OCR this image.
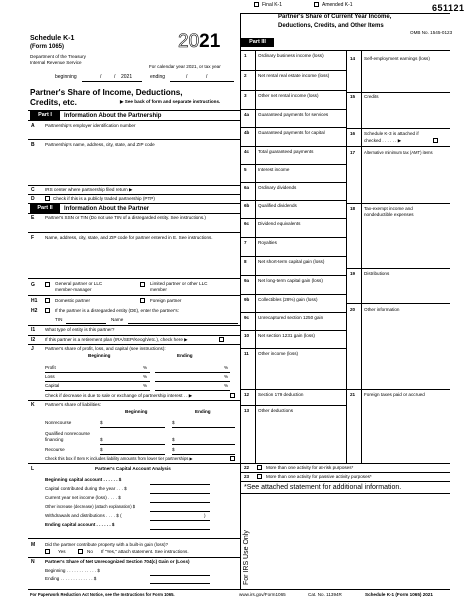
651121
Final K-1	Amended K-1
OMB No. 1545-0123
Schedule K-1
(Form 1065)
Department of the Treasury
Internal Revenue Service
2021
For calendar year 2021, or tax year
beginning	/	/ 2021	ending	/	/
Partner's Share of Income, Deductions,
Credits, etc.	▶ See back of form and separate instructions.
Part I	Information About the Partnership
A Partnership's employer identification number
B Partnership's name, address, city, state, and ZIP code
C IRS center where partnership filed return ▶
D	Check if this is a publicly traded partnership (PTP)
Part II	Information About the Partner
E Partner's SSN or TIN (Do not use TIN of a disregarded entity. See instructions.)
F Name, address, city, state, and ZIP code for partner entered in E. See instructions.
G	General partner or LLC
member-manager
Limited partner or other LLC
member
H1	Domestic partner	Foreign partner
H2	If the partner is a disregarded entity (DE), enter the partner's:
TIN	Name
I1 What type of entity is this partner?
I2 If this partner is a retirement plan (IRA/SEP/Keogh/etc.), check here ▶
J Partner's share of profit, loss, and capital (see instructions):
Beginning	Ending
Profit	%	%
Loss	%	%
Capital	%	%
Check if decrease is due to sale or exchange of partnership interest . . ▶
K Partner's share of liabilities:
Beginning	Ending
Nonrecourse	$	$
Qualified nonrecourse
financing	$	$
Recourse	$	$
Check this box if Item K includes liability amounts from lower tier partnerships ▶
L	Partner's Capital Account Analysis
Beginning capital account . . . . . . $
Capital contributed during the year . . . $
Current year net income (loss) . . . . $
Other increase (decrease) (attach explanation) $
Withdrawals and distributions . . . . $ (	)
Ending capital account . . . . . . $
M Did the partner contribute property with a built-in gain (loss)?
Yes	No If "Yes," attach statement. See instructions.
N Partner's Share of Net Unrecognized Section 704(c) Gain or (Loss)
Beginning . . . . . . . . . . . . $
Ending . . . . . . . . . . . . . $
Part III
Partner's Share of Current Year Income,
Deductions, Credits, and Other Items
1 Ordinary business income (loss)
2 Net rental real estate income (loss)
3 Other net rental income (loss)
4a Guaranteed payments for services
4b Guaranteed payments for capital
4c Total guaranteed payments
5 Interest income
6a Ordinary dividends
6b Qualified dividends
6c Dividend equivalents
7 Royalties
8 Net short-term capital gain (loss)
9a Net long-term capital gain (loss)
9b Collectibles (28%) gain (loss)
9c Unrecaptured section 1250 gain
10 Net section 1231 gain (loss)
11 Other income (loss)
12 Section 179 deduction
13 Other deductions
14 Self-employment earnings (loss)
15 Credits
16 Schedule K-3 is attached if
checked . . . . . . ▶
17 Alternative minimum tax (AMT) items
18 Tax-exempt income and
nondeductible expenses
19 Distributions
20 Other information
21 Foreign taxes paid or accrued
22	More than one activity for at-risk purposes*
23	More than one activity for passive activity purposes*
*See attached statement for additional information.
For IRS Use Only
For Paperwork Reduction Act Notice, see the Instructions for Form 1065.	www.irs.gov/Form1065	Cat. No. 11394R	Schedule K-1 (Form 1065) 2021
